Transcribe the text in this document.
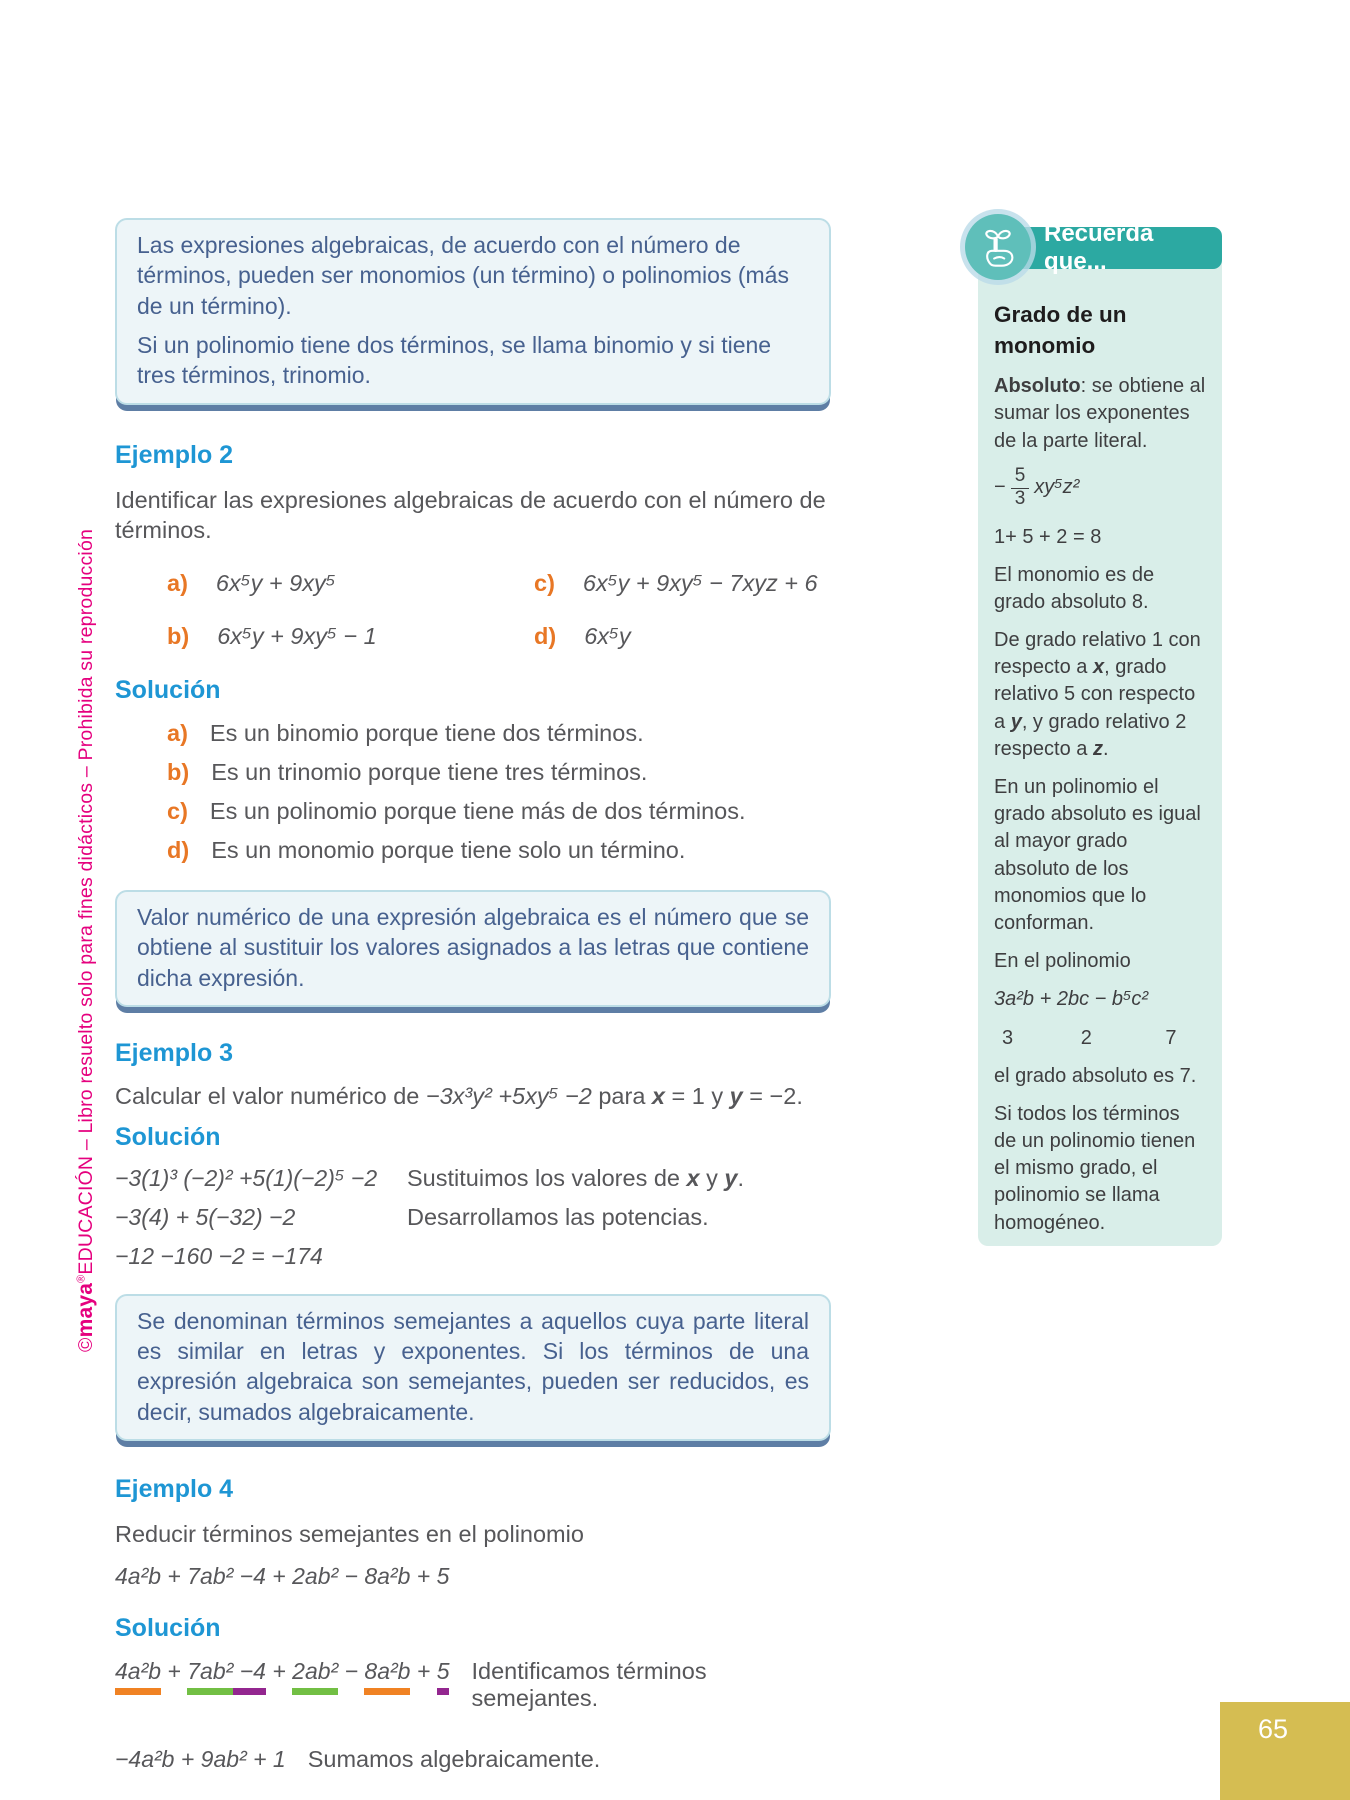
©maya®EDUCACIÓN – Libro resuelto solo para fines didácticos – Prohibida su reproducción

Las expresiones algebraicas, de acuerdo con el número de términos, pueden ser monomios (un término) o polinomios (más de un término).

Si un polinomio tiene dos términos, se llama binomio y si tiene tres términos, trinomio.

Ejemplo 2

Identificar las expresiones algebraicas de acuerdo con el número de términos.

a) 6x⁵y + 9xy⁵	c) 6x⁵y + 9xy⁵ − 7xyz + 6
b) 6x⁵y + 9xy⁵ − 1	d) 6x⁵y
Solución
a) Es un binomio porque tiene dos términos.
b) Es un trinomio porque tiene tres términos.
c) Es un polinomio porque tiene más de dos términos.
d) Es un monomio porque tiene solo un término.

Valor numérico de una expresión algebraica es el número que se obtiene al sustituir los valores asignados a las letras que contiene dicha expresión.

Ejemplo 3

Calcular el valor numérico de −3x³y² +5xy⁵ −2 para x = 1 y y = −2.

Solución
−3(1)³ (−2)² +5(1)(−2)⁵ −2	Sustituimos los valores de x y y.
−3(4) + 5(−32) −2	Desarrollamos las potencias.
−12 −160 −2 = −174

Se denominan términos semejantes a aquellos cuya parte literal es similar en letras y exponentes. Si los términos de una expresión algebraica son semejantes, pueden ser reducidos, es decir, sumados algebraicamente.

Ejemplo 4

Reducir términos semejantes en el polinomio

4a²b + 7ab² −4 + 2ab² − 8a²b + 5

Solución
4a²b + 7ab² −4 + 2ab² − 8a²b + 5 Identificamos términos semejantes.
−4a²b + 9ab² + 1 Sumamos algebraicamente.
Recuerda que...
Grado de un monomio

Absoluto: se obtiene al sumar los exponentes de la parte literal.

− $\frac{5}{3} xy^5z^2$

1+ 5 + 2 = 8

El monomio es de grado absoluto 8.

De grado relativo 1 con respecto a x, grado relativo 5 con respecto a y, y grado relativo 2 respecto a z.

En un polinomio el grado absoluto es igual al mayor grado absoluto de los monomios que lo conforman.

En el polinomio

3a²b + 2bc − b⁵c²

3	2	7

el grado absoluto es 7.

Si todos los términos de un polinomio tienen el mismo grado, el polinomio se llama homogéneo.

65
